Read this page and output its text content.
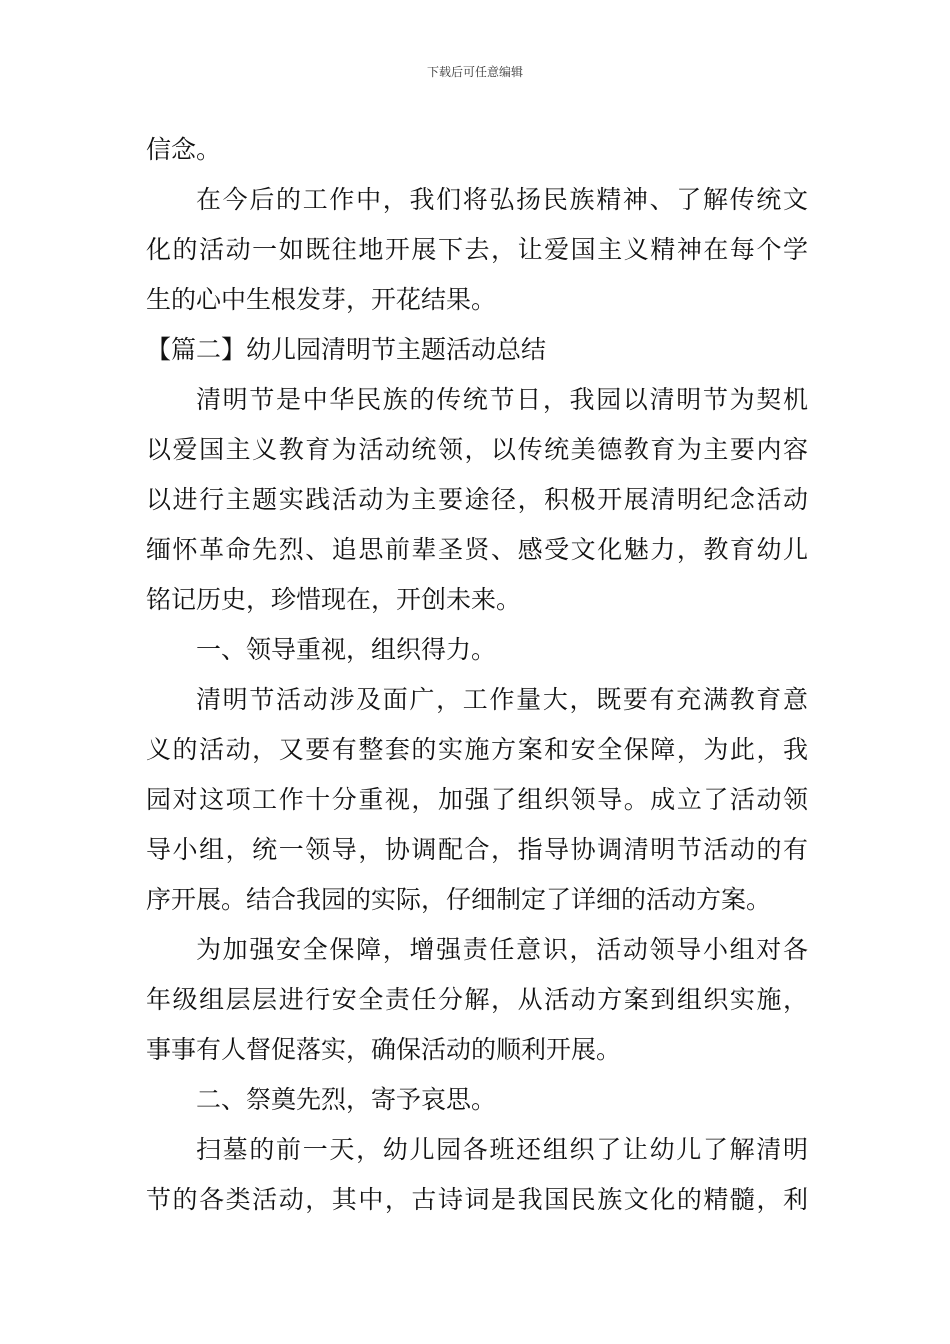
下载后可任意编辑
信念。
在今后的工作中，我们将弘扬民族精神、了解传统文
化的活动一如既往地开展下去，让爱国主义精神在每个学
生的心中生根发芽，开花结果。
【篇二】幼儿园清明节主题活动总结
清明节是中华民族的传统节日，我园以清明节为契机
以爱国主义教育为活动统领，以传统美德教育为主要内容
以进行主题实践活动为主要途径，积极开展清明纪念活动
缅怀革命先烈、追思前辈圣贤、感受文化魅力，教育幼儿
铭记历史，珍惜现在，开创未来。
一、领导重视，组织得力。
清明节活动涉及面广，工作量大，既要有充满教育意
义的活动，又要有整套的实施方案和安全保障，为此，我
园对这项工作十分重视，加强了组织领导。成立了活动领
导小组，统一领导，协调配合，指导协调清明节活动的有
序开展。结合我园的实际，仔细制定了详细的活动方案。
为加强安全保障，增强责任意识，活动领导小组对各
年级组层层进行安全责任分解，从活动方案到组织实施，
事事有人督促落实，确保活动的顺利开展。
二、祭奠先烈，寄予哀思。
扫墓的前一天，幼儿园各班还组织了让幼儿了解清明
节的各类活动，其中，古诗词是我国民族文化的精髓，利
